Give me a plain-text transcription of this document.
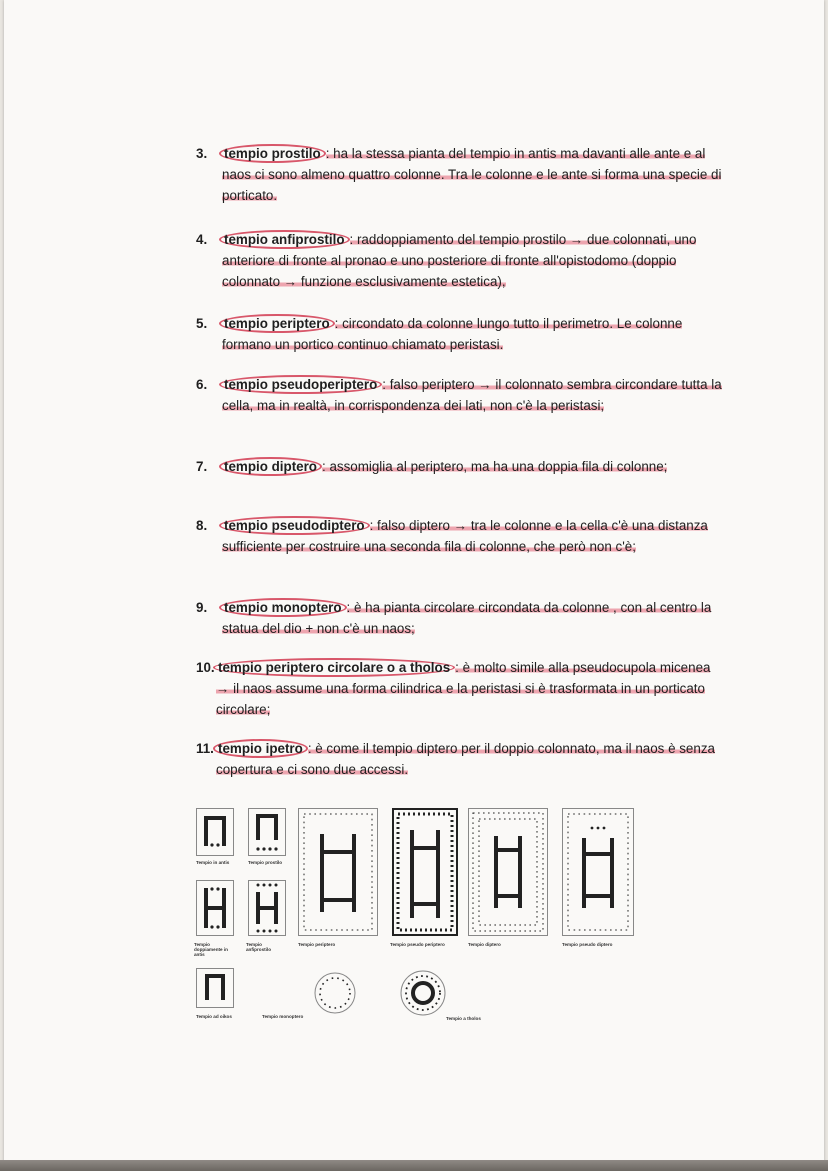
3.	tempio prostilo : ha la stessa pianta del tempio in antis ma davanti alle ante e al naos ci sono almeno quattro colonne. Tra le colonne e le ante si forma una specie di porticato.
4.	tempio anfiprostilo : raddoppiamento del tempio prostilo → due colonnati, uno anteriore di fronte al pronao e uno posteriore di fronte all'opistodomo (doppio colonnato → funzione esclusivamente estetica),
5.	tempio periptero : circondato da colonne lungo tutto il perimetro. Le colonne formano un portico continuo chiamato peristasi.
6.	tempio pseudoperiptero : falso periptero → il colonnato sembra circondare tutta la cella, ma in realtà, in corrispondenza dei lati, non c'è la peristasi;
7.	tempio diptero : assomiglia al periptero, ma ha una doppia fila di colonne;
8.	tempio pseudodiptero : falso diptero → tra le colonne e la cella c'è una distanza sufficiente per costruire una seconda fila di colonne, che però non c'è;
9.	tempio monoptero : è ha pianta circolare circondata da colonne , con al centro la statua del dio + non c'è un naos;
10. tempio periptero circolare o a tholos : è molto simile alla pseudocupola micenea → il naos assume una forma cilindrica e la peristasi si è trasformata in un porticato circolare;
11. tempio ipetro : è come il tempio diptero per il doppio colonnato, ma il naos è senza copertura e ci sono due accessi.
Tempio in antis	Tempio prostilo
Tempio doppiamente in antis
Tempio anfiprostilo
Tempio ad oikos
Tempio periptero	Tempio pseudo periptero	Tempio diptero	Tempio pseudo diptero
Tempio monoptero	Tempio a tholos
